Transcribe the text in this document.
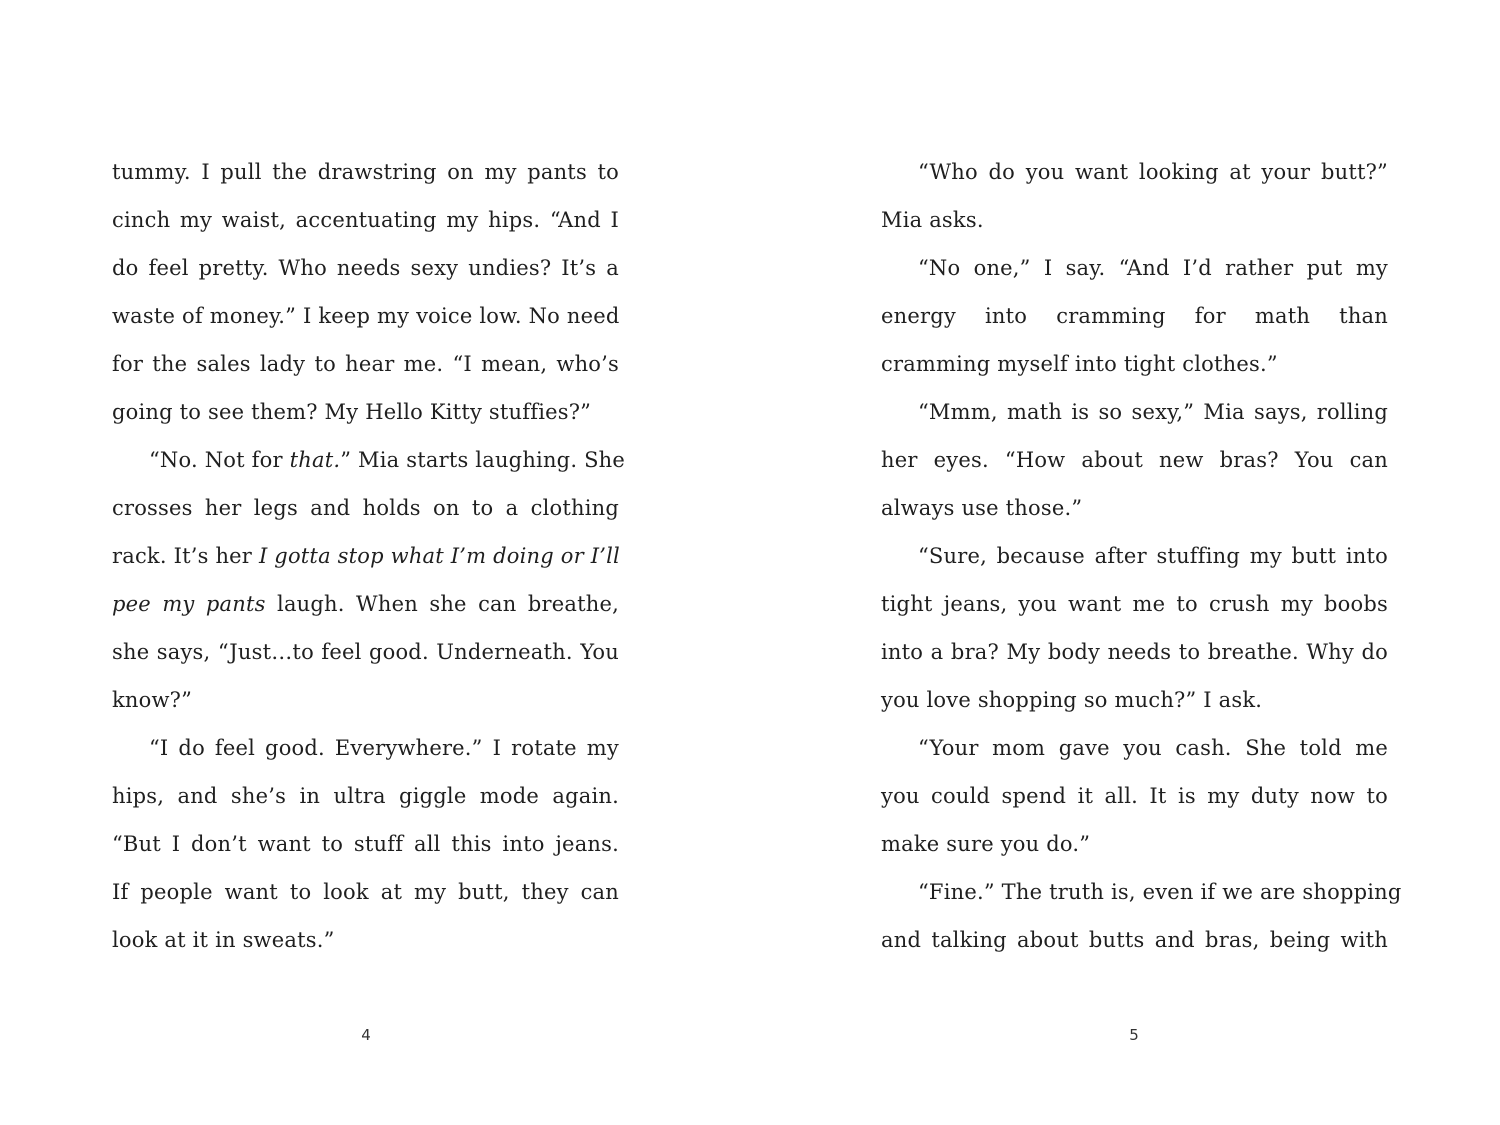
tummy. I pull the drawstring on my pants to
cinch my waist, accentuating my hips. “And I
do feel pretty. Who needs sexy undies? It’s a
waste of money.” I keep my voice low. No need
for the sales lady to hear me. “I mean, who’s
going to see them? My Hello Kitty stuffies?”
“No. Not for that.” Mia starts laughing. She
crosses her legs and holds on to a clothing
rack. It’s her I gotta stop what I’m doing or I’ll
pee my pants laugh. When she can breathe,
she says, “Just…to feel good. Underneath. You
know?”
“I do feel good. Everywhere.” I rotate my
hips, and she’s in ultra giggle mode again.
“But I don’t want to stuff all this into jeans.
If people want to look at my butt, they can
look at it in sweats.”
4
“Who do you want looking at your butt?”
Mia asks.
“No one,” I say. “And I’d rather put my
energy into cramming for math than
cramming myself into tight clothes.”
“Mmm, math is so sexy,” Mia says, rolling
her eyes. “How about new bras? You can
always use those.”
“Sure, because after stuffing my butt into
tight jeans, you want me to crush my boobs
into a bra? My body needs to breathe. Why do
you love shopping so much?” I ask.
“Your mom gave you cash. She told me
you could spend it all. It is my duty now to
make sure you do.”
“Fine.” The truth is, even if we are shopping
and talking about butts and bras, being with
5
